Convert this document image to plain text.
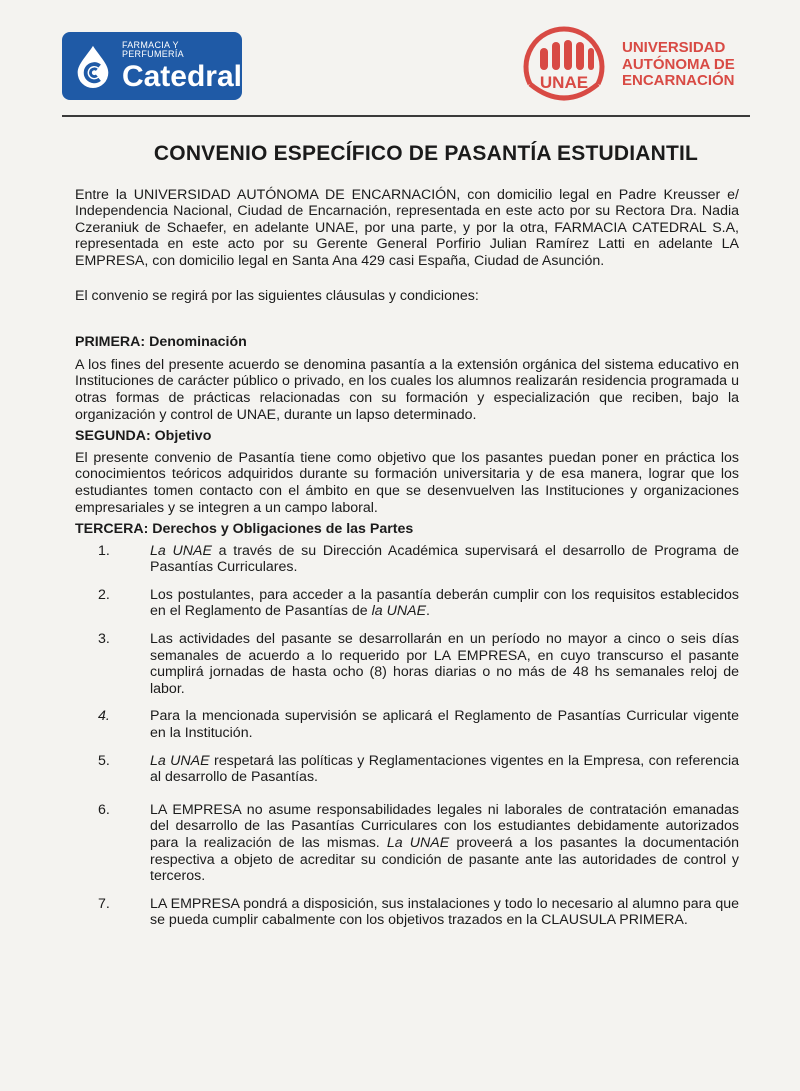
FARMACIA Y PERFUMERÍA
Catedral	UNAE
UNIVERSIDAD
AUTÓNOMA DE
ENCARNACIÓN
CONVENIO ESPECÍFICO DE PASANTÍA ESTUDIANTIL

Entre la UNIVERSIDAD AUTÓNOMA DE ENCARNACIÓN, con domicilio legal en Padre Kreusser e/ Independencia Nacional, Ciudad de Encarnación, representada en este acto por su Rectora Dra. Nadia Czeraniuk de Schaefer, en adelante UNAE, por una parte, y por la otra, FARMACIA CATEDRAL S.A, representada en este acto por su Gerente General Porfirio Julian Ramírez Latti en adelante LA EMPRESA, con domicilio legal en Santa Ana 429 casi España, Ciudad de Asunción.

El convenio se regirá por las siguientes cláusulas y condiciones:

PRIMERA: Denominación

A los fines del presente acuerdo se denomina pasantía a la extensión orgánica del sistema educativo en Instituciones de carácter público o privado, en los cuales los alumnos realizarán residencia programada u otras formas de prácticas relacionadas con su formación y especialización que reciben, bajo la organización y control de UNAE, durante un lapso determinado.

SEGUNDA: Objetivo

El presente convenio de Pasantía tiene como objetivo que los pasantes puedan poner en práctica los conocimientos teóricos adquiridos durante su formación universitaria y de esa manera, lograr que los estudiantes tomen contacto con el ámbito en que se desenvuelven las Instituciones y organizaciones empresariales y se integren a un campo laboral.

TERCERA: Derechos y Obligaciones de las Partes
1.	La UNAE a través de su Dirección Académica supervisará el desarrollo de Programa de Pasantías Curriculares.
2.	Los postulantes, para acceder a la pasantía deberán cumplir con los requisitos establecidos en el Reglamento de Pasantías de la UNAE.
3.	Las actividades del pasante se desarrollarán en un período no mayor a cinco o seis días semanales de acuerdo a lo requerido por LA EMPRESA, en cuyo transcurso el pasante cumplirá jornadas de hasta ocho (8) horas diarias o no más de 48 hs semanales reloj de labor.
4.	Para la mencionada supervisión se aplicará el Reglamento de Pasantías Curricular vigente en la Institución.
5.	La UNAE respetará las políticas y Reglamentaciones vigentes en la Empresa, con referencia al desarrollo de Pasantías.
6.	LA EMPRESA no asume responsabilidades legales ni laborales de contratación emanadas del desarrollo de las Pasantías Curriculares con los estudiantes debidamente autorizados para la realización de las mismas. La UNAE proveerá a los pasantes la documentación respectiva a objeto de acreditar su condición de pasante ante las autoridades de control y terceros.
7.	LA EMPRESA pondrá a disposición, sus instalaciones y todo lo necesario al alumno para que se pueda cumplir cabalmente con los objetivos trazados en la CLAUSULA PRIMERA.
